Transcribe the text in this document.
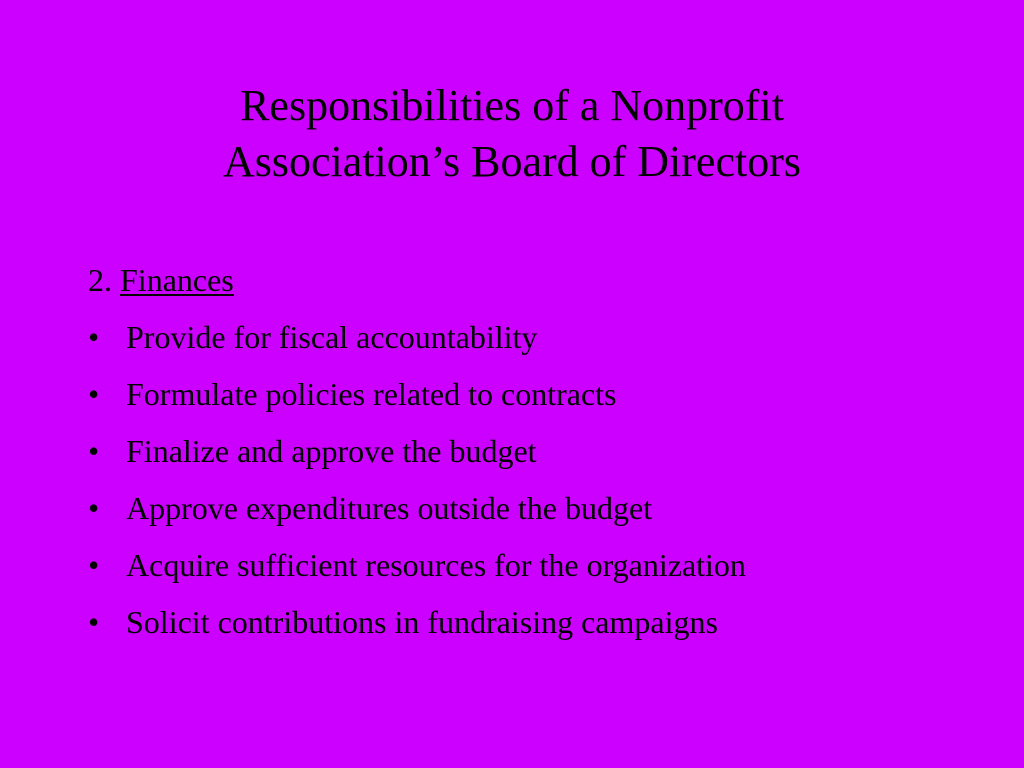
Responsibilities of a Nonprofit
Association’s Board of Directors
2. Finances
• Provide for fiscal accountability
• Formulate policies related to contracts
• Finalize and approve the budget
• Approve expenditures outside the budget
• Acquire sufficient resources for the organization
• Solicit contributions in fundraising campaigns
